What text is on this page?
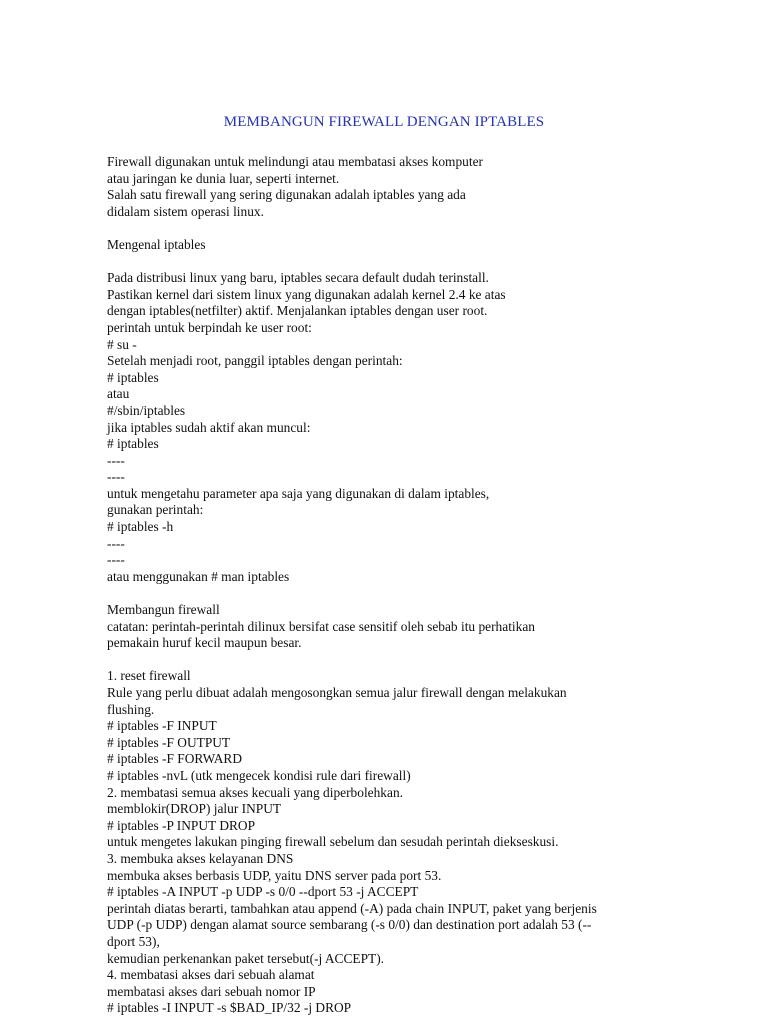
MEMBANGUN FIREWALL DENGAN IPTABLES
Firewall digunakan untuk melindungi atau membatasi akses komputer
atau jaringan ke dunia luar, seperti internet.
Salah satu firewall yang sering digunakan adalah iptables yang ada
didalam sistem operasi linux.
Mengenal iptables
Pada distribusi linux yang baru, iptables secara default dudah terinstall.
Pastikan kernel dari sistem linux yang digunakan adalah kernel 2.4 ke atas
dengan iptables(netfilter) aktif. Menjalankan iptables dengan user root.
perintah untuk berpindah ke user root:
# su -
Setelah menjadi root, panggil iptables dengan perintah:
# iptables
atau
#/sbin/iptables
jika iptables sudah aktif akan muncul:
# iptables
----
----
untuk mengetahu parameter apa saja yang digunakan di dalam iptables,
gunakan perintah:
# iptables -h
----
----
atau menggunakan # man iptables
Membangun firewall
catatan: perintah-perintah dilinux bersifat case sensitif oleh sebab itu perhatikan
pemakain huruf kecil maupun besar.
1. reset firewall
Rule yang perlu dibuat adalah mengosongkan semua jalur firewall dengan melakukan
flushing.
# iptables -F INPUT
# iptables -F OUTPUT
# iptables -F FORWARD
# iptables -nvL (utk mengecek kondisi rule dari firewall)
2. membatasi semua akses kecuali yang diperbolehkan.
memblokir(DROP) jalur INPUT
# iptables -P INPUT DROP
untuk mengetes lakukan pinging firewall sebelum dan sesudah perintah diekseskusi.
3. membuka akses kelayanan DNS
membuka akses berbasis UDP, yaitu DNS server pada port 53.
# iptables -A INPUT -p UDP -s 0/0 --dport 53 -j ACCEPT
perintah diatas berarti, tambahkan atau append (-A) pada chain INPUT, paket yang berjenis
UDP (-p UDP) dengan alamat source sembarang (-s 0/0) dan destination port adalah 53 (--
dport 53),
kemudian perkenankan paket tersebut(-j ACCEPT).
4. membatasi akses dari sebuah alamat
membatasi akses dari sebuah nomor IP
# iptables -I INPUT -s $BAD_IP/32 -j DROP
